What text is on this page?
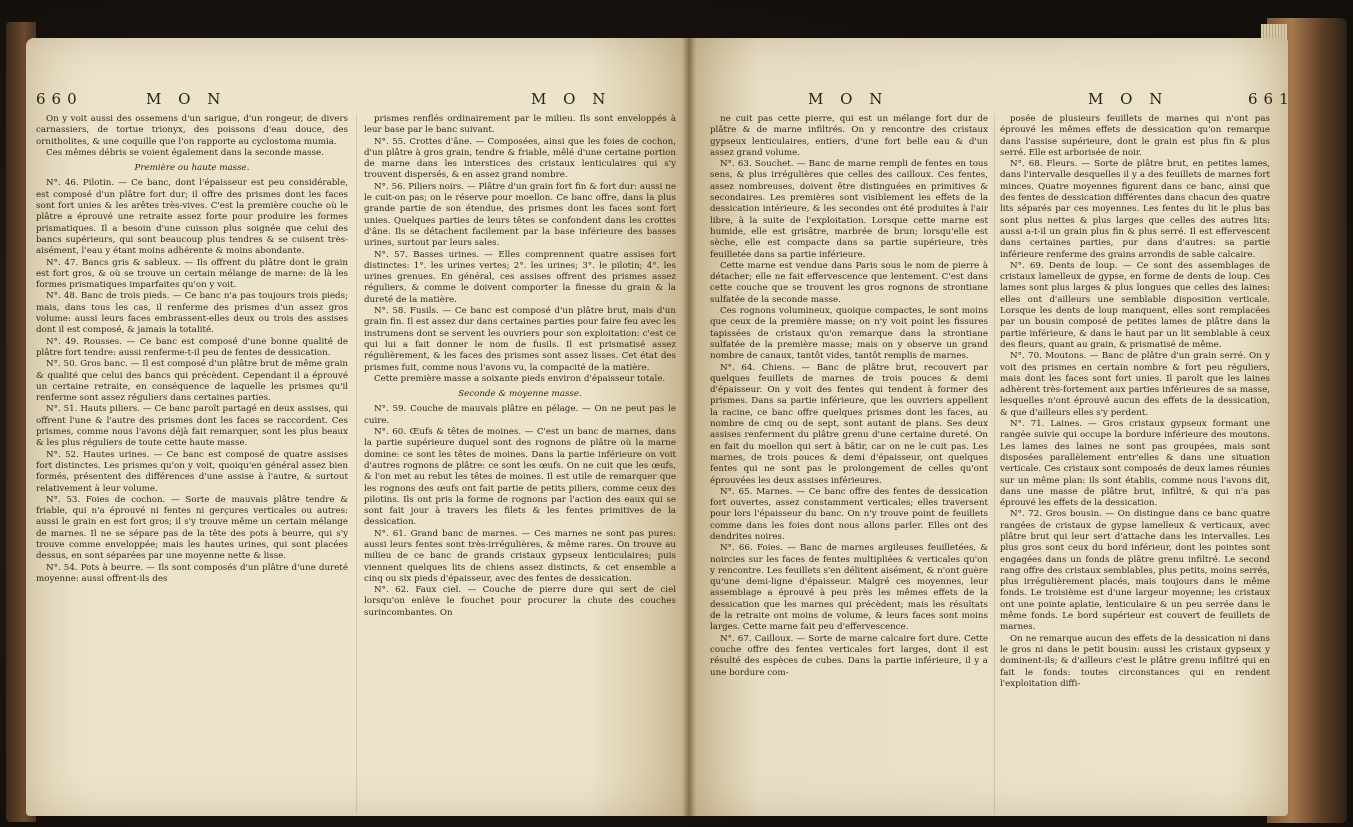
660	M O N	M O N

On y voit aussi des ossemens d'un sarigue, d'un rongeur, de divers carnassiers, de tortue trionyx, des poissons d'eau douce, des ornitholites, & une coquille que l'on rapporte au cyclostoma mumia.

Ces mêmes débris se voient également dans la seconde masse.

Première ou haute masse.

N°. 46. Pilotin. — Ce banc, dont l'épaisseur est peu considérable, est composé d'un plâtre fort dur; il offre des prismes dont les faces sont fort unies & les arêtes très-vives. C'est la première couche où le plâtre a éprouvé une retraite assez forte pour produire les formes prismatiques. Il a besoin d'une cuisson plus soignée que celui des bancs supérieurs, qui sont beaucoup plus tendres & se cuisent très-aisément, l'eau y étant moins adhérente & moins abondante.

N°. 47. Bancs gris & sableux. — Ils offrent du plâtre dont le grain est fort gros, & où se trouve un certain mélange de marne: de là les formes prismatiques imparfaites qu'on y voit.

N°. 48. Banc de trois pieds. — Ce banc n'a pas toujours trois pieds; mais, dans tous les cas, il renferme des prismes d'un assez gros volume: aussi leurs faces embrassent-elles deux ou trois des assises dont il est composé, & jamais la totalité.

N°. 49. Rousses. — Ce banc est composé d'une bonne qualité de plâtre fort tendre: aussi renferme-t-il peu de fentes de dessication.

N°. 50. Gros banc. — Il est composé d'un plâtre brut de même grain & qualité que celui des bancs qui précèdent. Cependant il a éprouvé un certaine retraite, en conséquence de laquelle les prismes qu'il renferme sont assez réguliers dans certaines parties.

N°. 51. Hauts piliers. — Ce banc paroît partagé en deux assises, qui offrent l'une & l'autre des prismes dont les faces se raccordent. Ces prismes, comme nous l'avons déjà fait remarquer, sont les plus beaux & les plus réguliers de toute cette haute masse.

N°. 52. Hautes urines. — Ce banc est composé de quatre assises fort distinctes. Les prismes qu'on y voit, quoiqu'en général assez bien formés, présentent des différences d'une assise à l'autre, & surtout relativement à leur volume.

N°. 53. Foies de cochon. — Sorte de mauvais plâtre tendre & friable, qui n'a éprouvé ni fentes ni gerçures verticales ou autres: aussi le grain en est fort gros; il s'y trouve même un certain mélange de marnes. Il ne se sépare pas de la tête des pots à beurre, qui s'y trouve comme enveloppée; mais les hautes urines, qui sont placées dessus, en sont séparées par une moyenne nette & lisse.

N°. 54. Pots à beurre. — Ils sont composés d'un plâtre d'une dureté moyenne: aussi offrent-ils des

prismes renflés ordinairement par le milieu. Ils sont enveloppés à leur base par le banc suivant.

N°. 55. Crottes d'âne. — Composées, ainsi que les foies de cochon, d'un plâtre à gros grain, tendre & friable, mêlé d'une certaine portion de marne dans les interstices des cristaux lenticulaires qui s'y trouvent dispersés, & en assez grand nombre.

N°. 56. Piliers noirs. — Plâtre d'un grain fort fin & fort dur: aussi ne le cuit-on pas; on le réserve pour moellon. Ce banc offre, dans la plus grande partie de son étendue, des prismes dont les faces sont fort unies. Quelques parties de leurs têtes se confondent dans les crottes d'âne. Ils se détachent facilement par la base inférieure des basses urines, surtout par leurs sales.

N°. 57. Basses urines. — Elles comprennent quatre assises fort distinctes: 1°. les urines vertes; 2°. les urines; 3°. le pilotin; 4°. les urines grenues. En général, ces assises offrent des prismes assez réguliers, & comme le doivent comporter la finesse du grain & la dureté de la matière.

N°. 58. Fusils. — Ce banc est composé d'un plâtre brut, mais d'un grain fin. Il est assez dur dans certaines parties pour faire feu avec les instrumens dont se servent les ouvriers pour son exploitation: c'est ce qui lui a fait donner le nom de fusils. Il est prismatisé assez régulièrement, & les faces des prismes sont assez lisses. Cet état des prismes fuit, comme nous l'avons vu, la compacité de la matière.

Cette première masse a soixante pieds environ d'épaisseur totale.

Seconde & moyenne masse.

N°. 59. Couche de mauvais plâtre en pélage. — On ne peut pas le cuire.

N°. 60. Œufs & têtes de moines. — C'est un banc de marnes, dans la partie supérieure duquel sont des rognons de plâtre où la marne domine: ce sont les têtes de moines. Dans la partie inférieure on voit d'autres rognons de plâtre: ce sont les œufs. On ne cuit que les œufs, & l'on met au rebut les têtes de moines. Il est utile de remarquer que les rognons des œufs ont fait partie de petits piliers, comme ceux des pilotins. Ils ont pris la forme de rognons par l'action des eaux qui se sont fait jour à travers les filets & les fentes primitives de la dessication.

N°. 61. Grand banc de marnes. — Ces marnes ne sont pas pures: aussi leurs fentes sont très-irrégulières, & même rares. On trouve au milieu de ce banc de grands cristaux gypseux lenticulaires; puis viennent quelques lits de chiens assez distincts, & cet ensemble a cinq ou six pieds d'épaisseur, avec des fentes de dessication.

N°. 62. Faux ciel. — Couche de pierre dure qui sert de ciel lorsqu'on enlève le fouchet pour procurer la chute des couches surincombantes. On

M O N	M O N	661

ne cuit pas cette pierre, qui est un mélange fort dur de plâtre & de marne infiltrés. On y rencontre des cristaux gypseux lenticulaires, entiers, d'une fort belle eau & d'un assez grand volume.

N°. 63. Souchet. — Banc de marne rempli de fentes en tous sens, & plus irrégulières que celles des cailloux. Ces fentes, assez nombreuses, doivent être distinguées en primitives & secondaires. Les premières sont visiblement les effets de la dessication intérieure, & les secondes ont été produites à l'air libre, à la suite de l'exploitation. Lorsque cette marne est humide, elle est grisâtre, marbrée de brun; lorsqu'elle est sèche, elle est compacte dans sa partie supérieure, très feuilletée dans sa partie inférieure.

Cette marne est vendue dans Paris sous le nom de pierre à détacher; elle ne fait effervescence que lentement. C'est dans cette couche que se trouvent les gros rognons de strontiane sulfatée de la seconde masse.

Ces rognons volumineux, quoique compactes, le sont moins que ceux de la première masse; on n'y voit point les fissures tapissées de cristaux qu'on remarque dans la strontiane sulfatée de la première masse; mais on y observe un grand nombre de canaux, tantôt vides, tantôt remplis de marnes.

N°. 64. Chiens. — Banc de plâtre brut, recouvert par quelques feuillets de marnes de trois pouces & demi d'épaisseur. On y voit des fentes qui tendent à former des prismes. Dans sa partie inférieure, que les ouvriers appellent la racine, ce banc offre quelques prismes dont les faces, au nombre de cinq ou de sept, sont autant de plans. Ses deux assises renferment du plâtre grenu d'une certaine dureté. On en fait du moellon qui sert à bâtir, car on ne le cuit pas. Les marnes, de trois pouces & demi d'épaisseur, ont quelques fentes qui ne sont pas le prolongement de celles qu'ont éprouvées les deux assises inférieures.

N°. 65. Marnes. — Ce banc offre des fentes de dessication fort ouvertes, assez constamment verticales; elles traversent pour lors l'épaisseur du banc. On n'y trouve point de feuillets comme dans les foies dont nous allons parler. Elles ont des dendrites noires.

N°. 66. Foies. — Banc de marnes argileuses feuilletées, & noircies sur les faces de fentes multipliées & verticales qu'on y rencontre. Les feuillets s'en délitent aisément, & n'ont guère qu'une demi-ligne d'épaisseur. Malgré ces moyennes, leur assemblage a éprouvé à peu près les mêmes effets de la dessication que les marnes qui précèdent; mais les résultats de la retraite ont moins de volume, & leurs faces sont moins larges. Cette marne fait peu d'effervescence.

N°. 67. Cailloux. — Sorte de marne calcaire fort dure. Cette couche offre des fentes verticales fort larges, dont il est résulté des espèces de cubes. Dans la partie inférieure, il y a une bordure com-

posée de plusieurs feuillets de marnes qui n'ont pas éprouvé les mêmes effets de dessication qu'on remarque dans l'assise supérieure, dont le grain est plus fin & plus serré. Elle est arborisée de noir.

N°. 68. Fleurs. — Sorte de plâtre brut, en petites lames, dans l'intervalle desquelles il y a des feuillets de marnes fort minces. Quatre moyennes figurent dans ce banc, ainsi que des fentes de dessication différentes dans chacun des quatre lits séparés par ces moyennes. Les fentes du lit le plus bas sont plus nettes & plus larges que celles des autres lits: aussi a-t-il un grain plus fin & plus serré. Il est effervescent dans certaines parties, pur dans d'autres: sa partie inférieure renferme des grains arrondis de sable calcaire.

N°. 69. Dents de loup. — Ce sont des assemblages de cristaux lamelleux de gypse, en forme de dents de loup. Ces lames sont plus larges & plus longues que celles des laines: elles ont d'ailleurs une semblable disposition verticale. Lorsque les dents de loup manquent, elles sont remplacées par un bousin composé de petites lames de plâtre dans la partie inférieure, & dans le haut par un lit semblable à ceux des fleurs, quant au grain, & prismatisé de même.

N°. 70. Moutons. — Banc de plâtre d'un grain serré. On y voit des prismes en certain nombre & fort peu réguliers, mais dont les faces sont fort unies. Il paroît que les laines adhèrent très-fortement aux parties inférieures de sa masse, lesquelles n'ont éprouvé aucun des effets de la dessication, & que d'ailleurs elles s'y perdent.

N°. 71. Laines. — Gros cristaux gypseux formant une rangée suivie qui occupe la bordure inférieure des moutons. Les lames des laines ne sont pas groupées, mais sont disposées parallèlement entr'elles & dans une situation verticale. Ces cristaux sont composés de deux lames réunies sur un même plan: ils sont établis, comme nous l'avons dit, dans une masse de plâtre brut, infiltré, & qui n'a pas éprouvé les effets de la dessication.

N°. 72. Gros bousin. — On distingue dans ce banc quatre rangées de cristaux de gypse lamelleux & verticaux, avec plâtre brut qui leur sert d'attache dans les intervalles. Les plus gros sont ceux du bord inférieur, dont les pointes sont engagées dans un fonds de plâtre grenu infiltré. Le second rang offre des cristaux semblables, plus petits, moins serrés, plus irrégulièrement placés, mais toujours dans le même fonds. Le troisième est d'une largeur moyenne; les cristaux ont une pointe aplatie, lenticulaire & un peu serrée dans le même fonds. Le bord supérieur est couvert de feuillets de marnes.

On ne remarque aucun des effets de la dessication ni dans le gros ni dans le petit bousin: aussi les cristaux gypseux y dominent-ils; & d'ailleurs c'est le plâtre grenu infiltré qui en fait le fonds: toutes circonstances qui en rendent l'exploitation diffi-
